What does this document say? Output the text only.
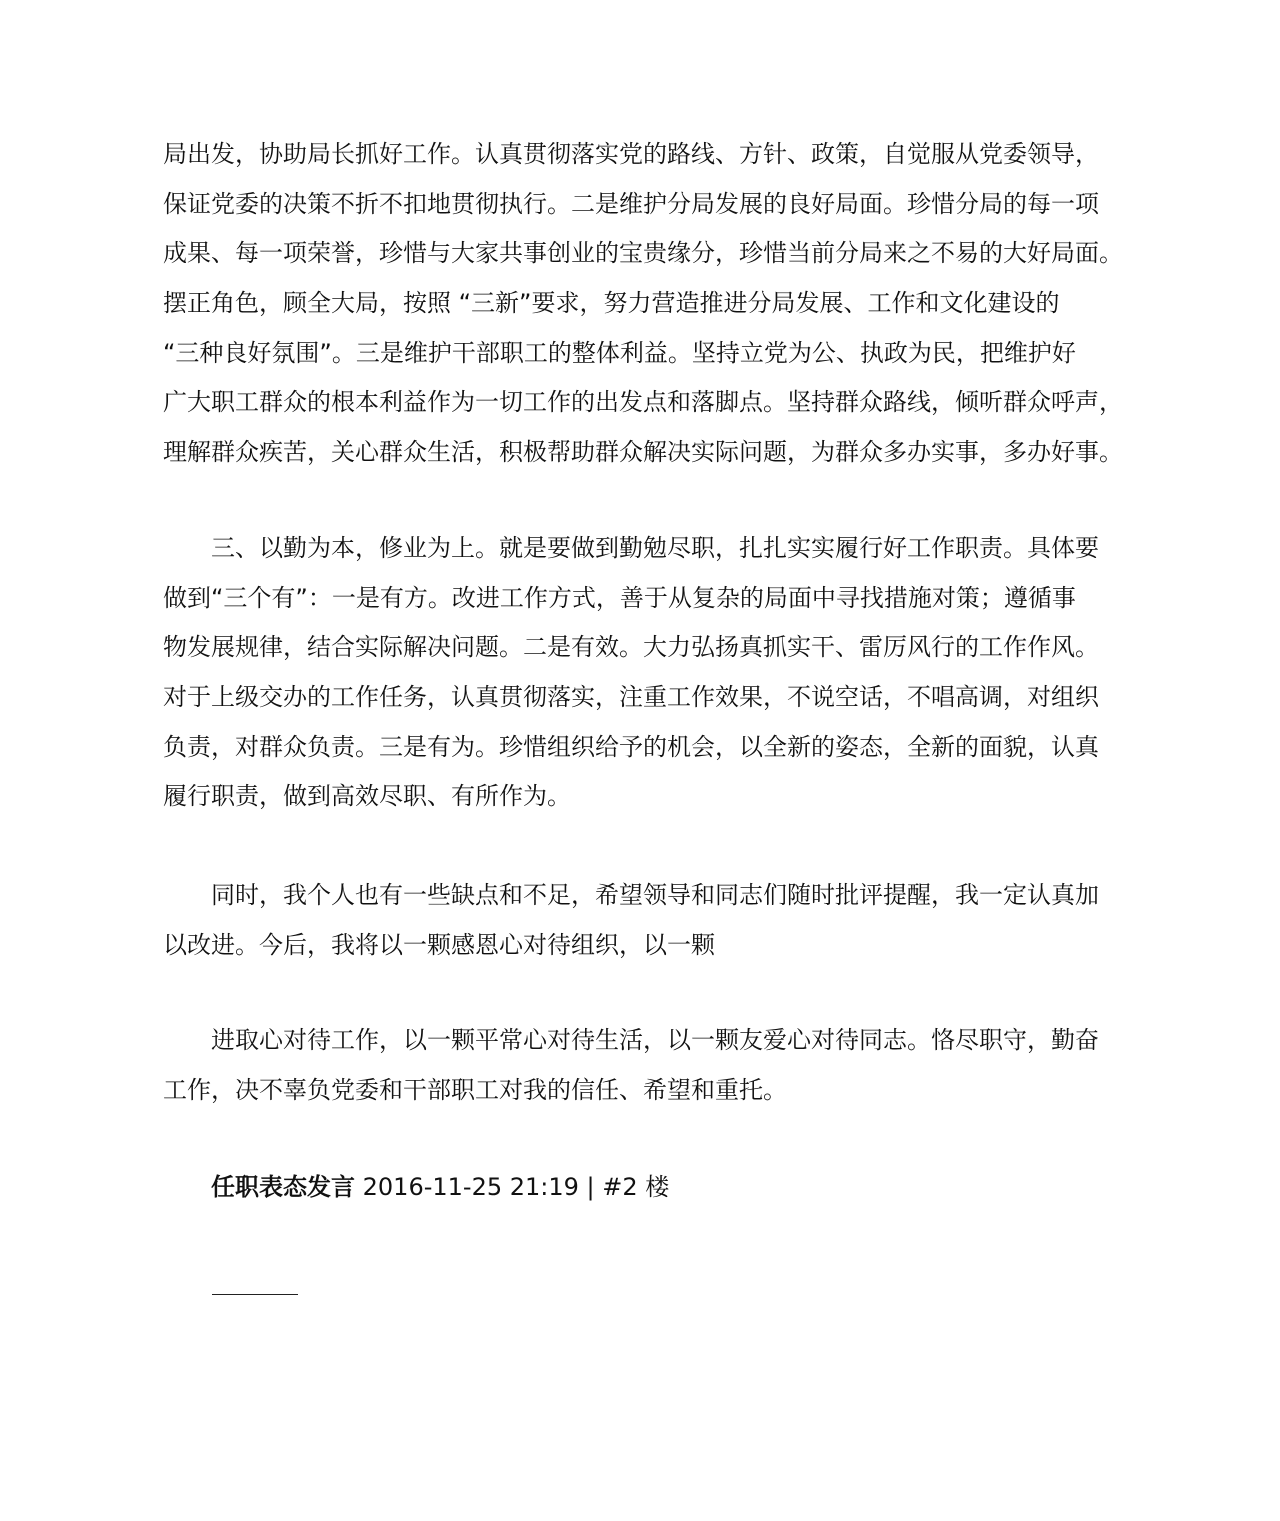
局出发，协助局长抓好工作。认真贯彻落实党的路线、方针、政策，自觉服从党委领导，
保证党委的决策不折不扣地贯彻执行。二是维护分局发展的良好局面。珍惜分局的每一项
成果、每一项荣誉，珍惜与大家共事创业的宝贵缘分，珍惜当前分局来之不易的大好局面。
摆正角色，顾全大局，按照 “三新”要求，努力营造推进分局发展、工作和文化建设的
“三种良好氛围”。三是维护干部职工的整体利益。坚持立党为公、执政为民，把维护好
广大职工群众的根本利益作为一切工作的出发点和落脚点。坚持群众路线，倾听群众呼声，
理解群众疾苦，关心群众生活，积极帮助群众解决实际问题，为群众多办实事，多办好事。
三、以勤为本，修业为上。就是要做到勤勉尽职，扎扎实实履行好工作职责。具体要
做到“三个有”：一是有方。改进工作方式，善于从复杂的局面中寻找措施对策；遵循事
物发展规律，结合实际解决问题。二是有效。大力弘扬真抓实干、雷厉风行的工作作风。
对于上级交办的工作任务，认真贯彻落实，注重工作效果，不说空话，不唱高调，对组织
负责，对群众负责。三是有为。珍惜组织给予的机会，以全新的姿态，全新的面貌，认真
履行职责，做到高效尽职、有所作为。
同时，我个人也有一些缺点和不足，希望领导和同志们随时批评提醒，我一定认真加
以改进。今后，我将以一颗感恩心对待组织，以一颗
进取心对待工作，以一颗平常心对待生活，以一颗友爱心对待同志。恪尽职守，勤奋
工作，决不辜负党委和干部职工对我的信任、希望和重托。
任职表态发言 2016-11-25 21:19 | #2 楼
